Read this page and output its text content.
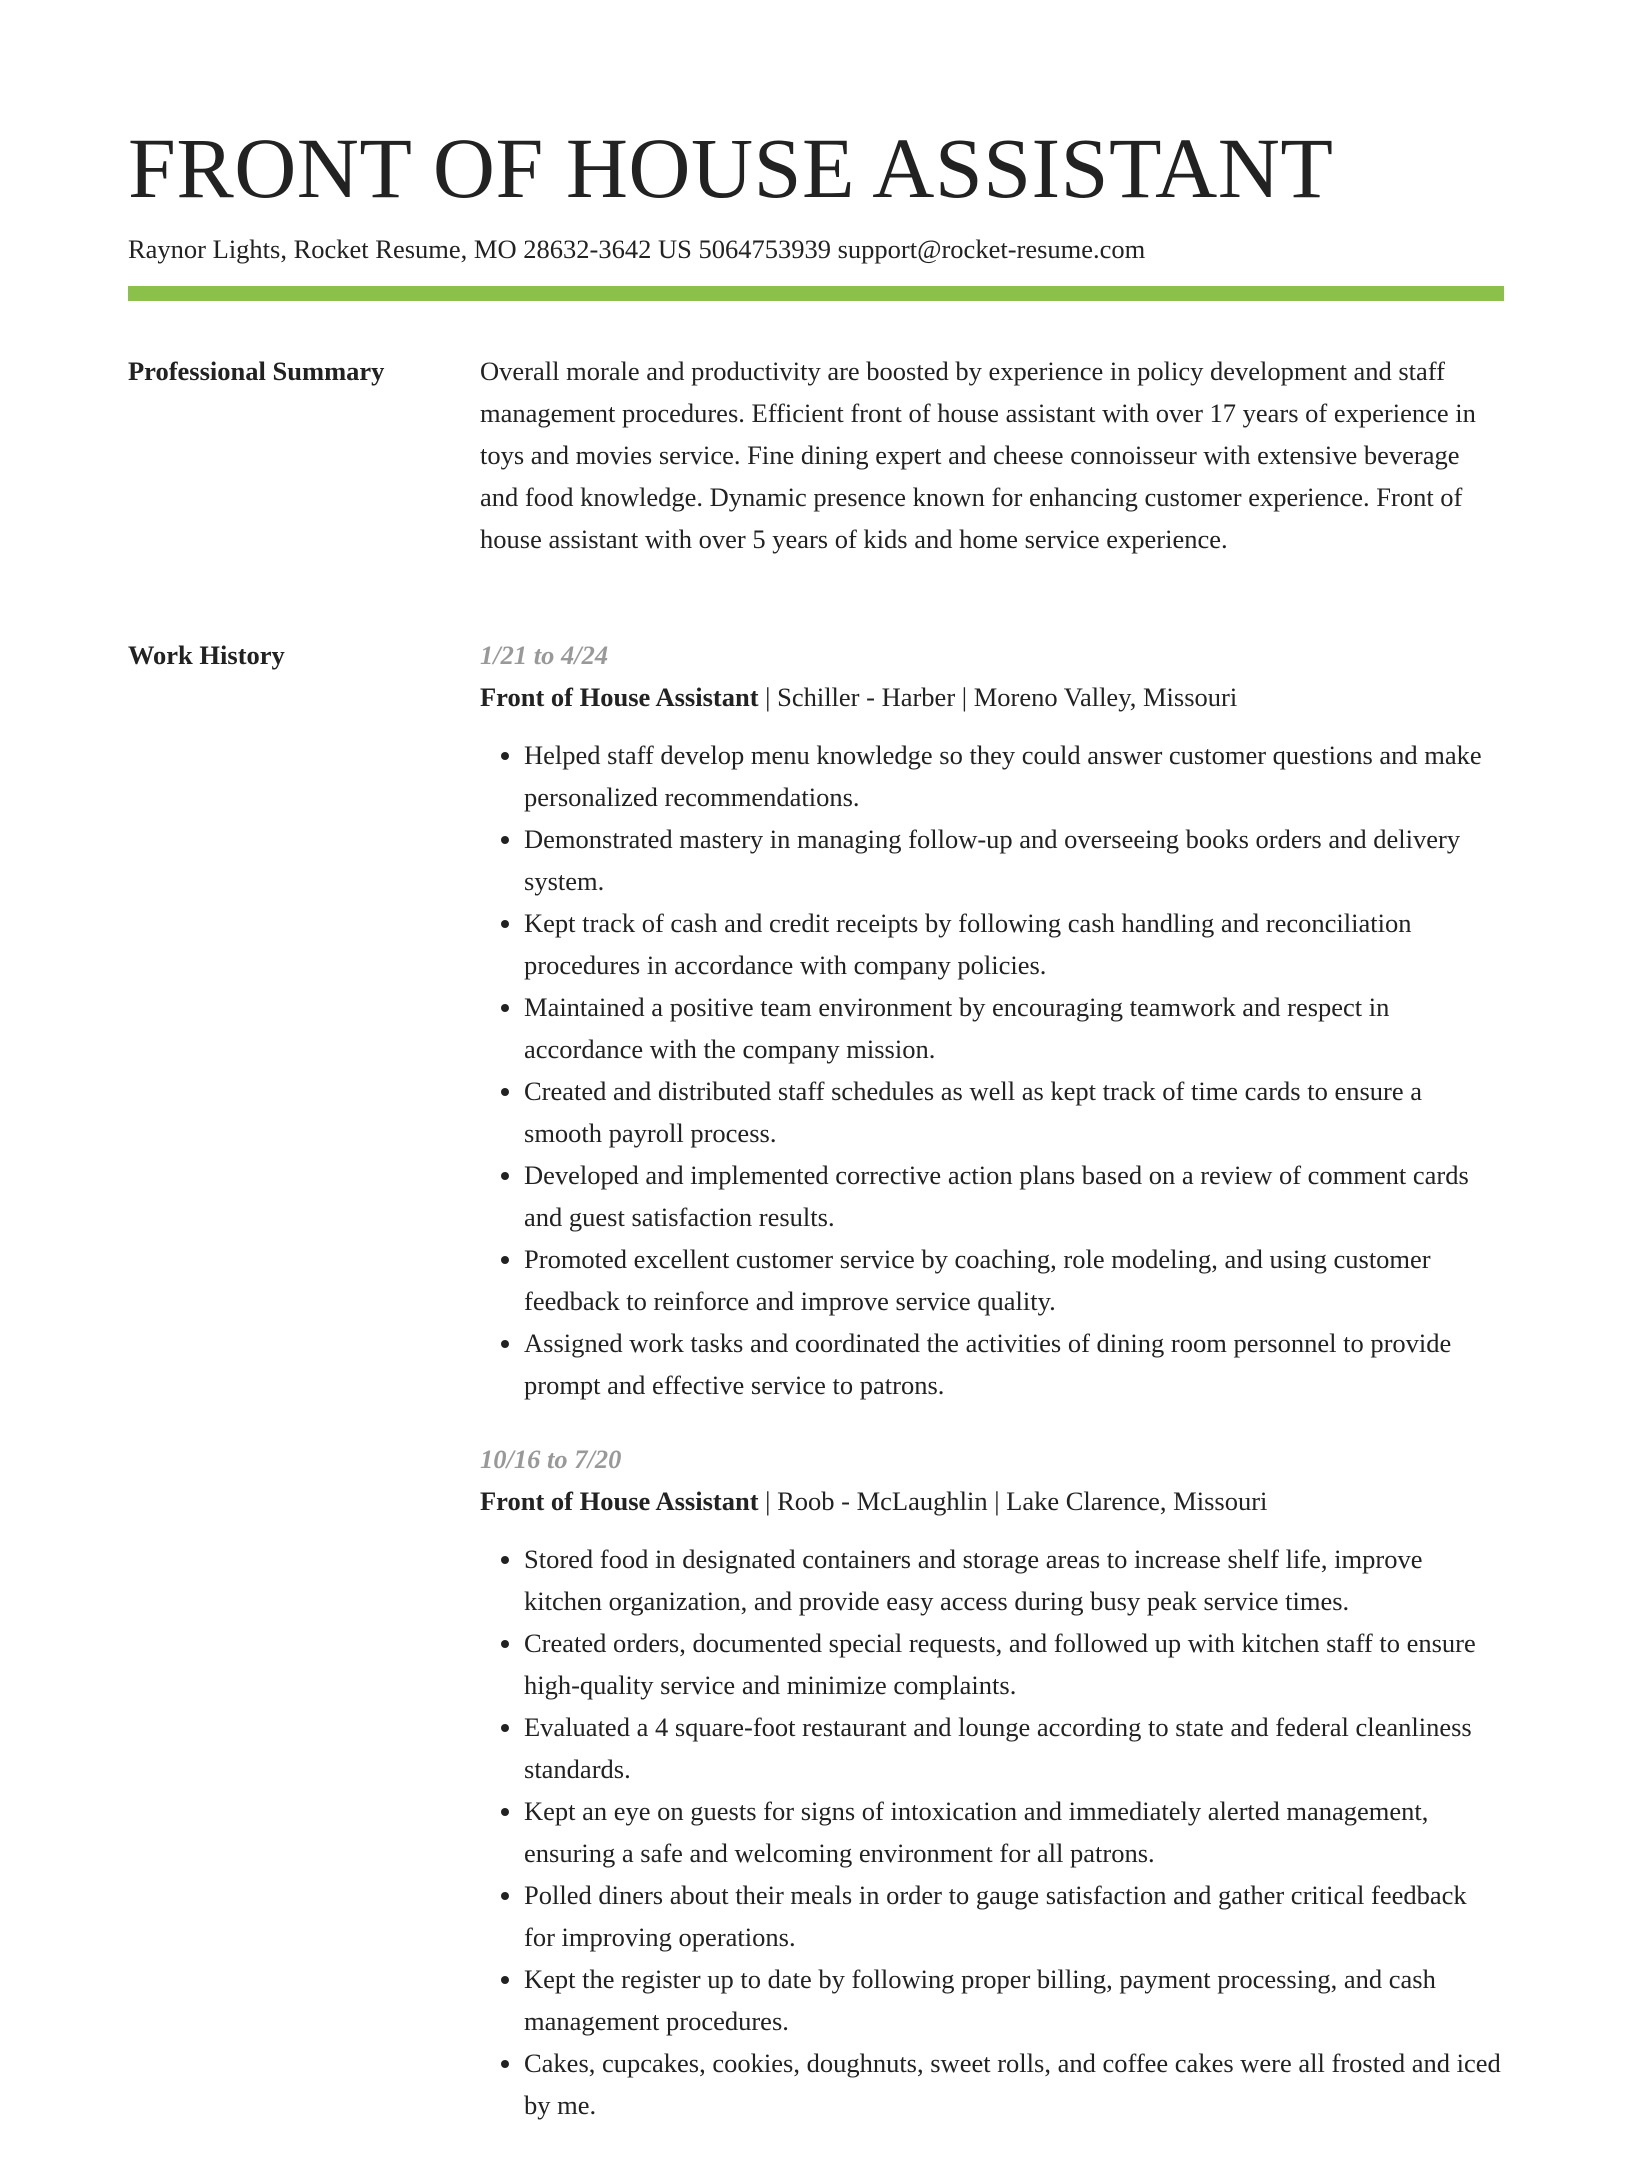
FRONT OF HOUSE ASSISTANT
Raynor Lights, Rocket Resume, MO 28632-3642 US 5064753939 support@rocket-resume.com
Professional Summary	Overall morale and productivity are boosted by experience in policy development and staff management procedures. Efficient front of house assistant with over 17 years of experience in toys and movies service. Fine dining expert and cheese connoisseur with extensive beverage and food knowledge. Dynamic presence known for enhancing customer experience. Front of house assistant with over 5 years of kids and home service experience.

Work History	1/21 to 4/24
Front of House Assistant | Schiller - Harber | Moreno Valley, Missouri
• Helped staff develop menu knowledge so they could answer customer questions and make personalized recommendations.
• Demonstrated mastery in managing follow-up and overseeing books orders and delivery system.
• Kept track of cash and credit receipts by following cash handling and reconciliation procedures in accordance with company policies.
• Maintained a positive team environment by encouraging teamwork and respect in accordance with the company mission.
• Created and distributed staff schedules as well as kept track of time cards to ensure a smooth payroll process.
• Developed and implemented corrective action plans based on a review of comment cards and guest satisfaction results.
• Promoted excellent customer service by coaching, role modeling, and using customer feedback to reinforce and improve service quality.
• Assigned work tasks and coordinated the activities of dining room personnel to provide prompt and effective service to patrons.
10/16 to 7/20
Front of House Assistant | Roob - McLaughlin | Lake Clarence, Missouri
• Stored food in designated containers and storage areas to increase shelf life, improve kitchen organization, and provide easy access during busy peak service times.
• Created orders, documented special requests, and followed up with kitchen staff to ensure high-quality service and minimize complaints.
• Evaluated a 4 square-foot restaurant and lounge according to state and federal cleanliness standards.
• Kept an eye on guests for signs of intoxication and immediately alerted management, ensuring a safe and welcoming environment for all patrons.
• Polled diners about their meals in order to gauge satisfaction and gather critical feedback for improving operations.
• Kept the register up to date by following proper billing, payment processing, and cash management procedures.
• Cakes, cupcakes, cookies, doughnuts, sweet rolls, and coffee cakes were all frosted and iced by me.
